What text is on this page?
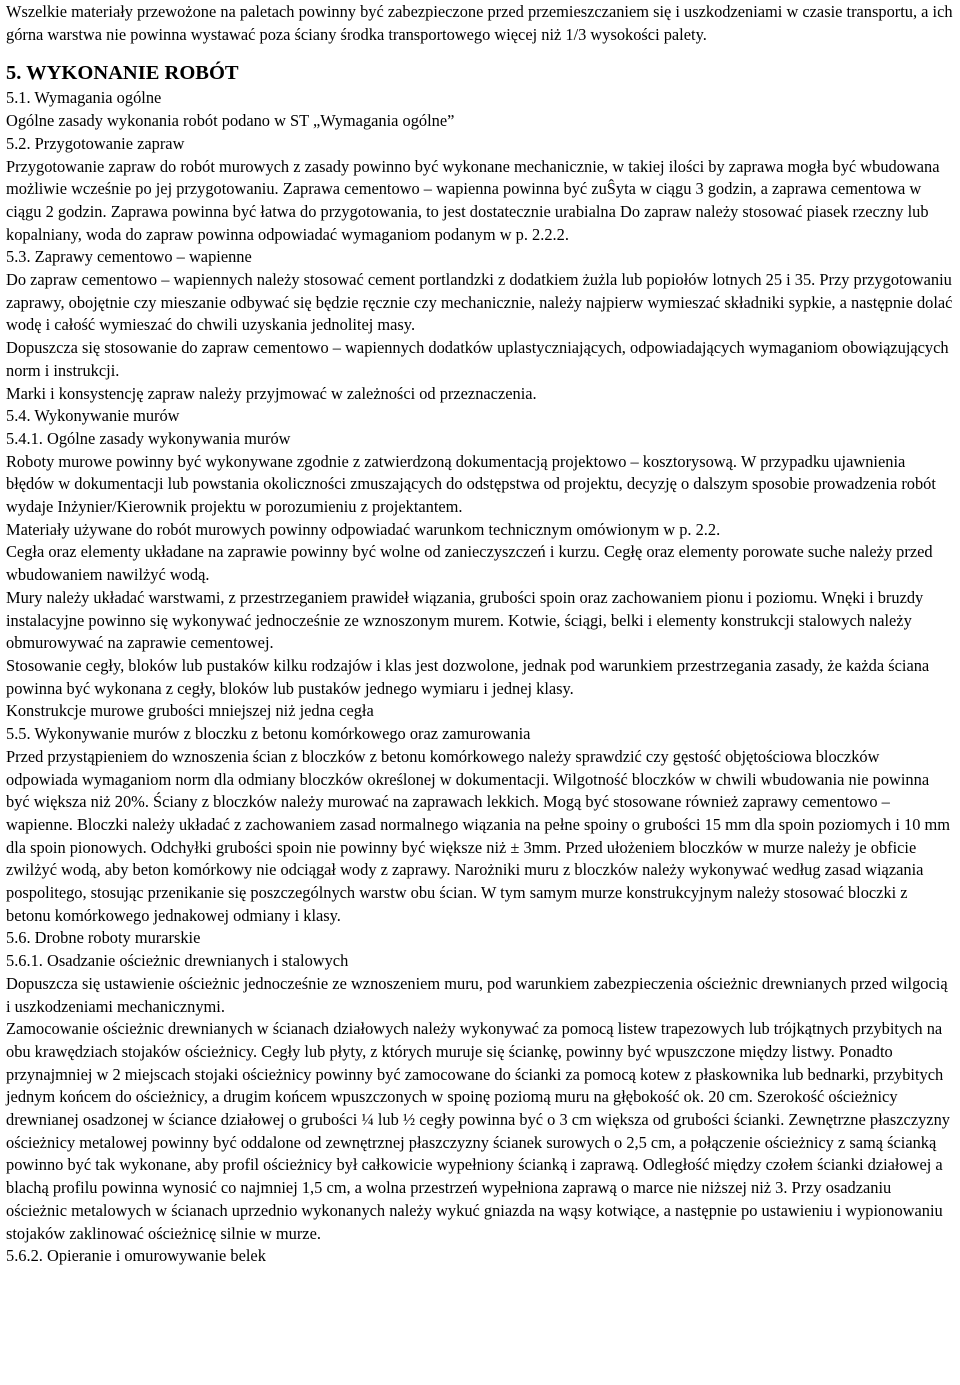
Wszelkie materiały przewożone na paletach powinny być zabezpieczone przed przemieszczaniem się i uszkodzeniami w czasie transportu, a ich górna warstwa nie powinna wystawać poza ściany środka transportowego więcej niż 1/3 wysokości palety.

5. WYKONANIE ROBÓT

5.1. Wymagania ogólne

Ogólne zasady wykonania robót podano w ST „Wymagania ogólne”

5.2. Przygotowanie zapraw

Przygotowanie zapraw do robót murowych z zasady powinno być wykonane mechanicznie, w takiej ilości by zaprawa mogła być wbudowana możliwie wcześnie po jej przygotowaniu. Zaprawa cementowo – wapienna powinna być zuŜyta w ciągu 3 godzin, a zaprawa cementowa w ciągu 2 godzin. Zaprawa powinna być łatwa do przygotowania, to jest dostatecznie urabialna Do zapraw należy stosować piasek rzeczny lub kopalniany, woda do zapraw powinna odpowiadać wymaganiom podanym w p. 2.2.2.

5.3. Zaprawy cementowo – wapienne

Do zapraw cementowo – wapiennych należy stosować cement portlandzki z dodatkiem żużla lub popiołów lotnych 25 i 35. Przy przygotowaniu zaprawy, obojętnie czy mieszanie odbywać się będzie ręcznie czy mechanicznie, należy najpierw wymieszać składniki sypkie, a następnie dolać wodę i całość wymieszać do chwili uzyskania jednolitej masy.

Dopuszcza się stosowanie do zapraw cementowo – wapiennych dodatków uplastyczniających, odpowiadających wymaganiom obowiązujących norm i instrukcji.

Marki i konsystencję zapraw należy przyjmować w zależności od przeznaczenia.

5.4. Wykonywanie murów

5.4.1. Ogólne zasady wykonywania murów

Roboty murowe powinny być wykonywane zgodnie z zatwierdzoną dokumentacją projektowo – kosztorysową. W przypadku ujawnienia błędów w dokumentacji lub powstania okoliczności zmuszających do odstępstwa od projektu, decyzję o dalszym sposobie prowadzenia robót wydaje Inżynier/Kierownik projektu w porozumieniu z projektantem.

Materiały używane do robót murowych powinny odpowiadać warunkom technicznym omówionym w p. 2.2.

Cegła oraz elementy układane na zaprawie powinny być wolne od zanieczyszczeń i kurzu. Cegłę oraz elementy porowate suche należy przed wbudowaniem nawilżyć wodą.

Mury należy układać warstwami, z przestrzeganiem prawideł wiązania, grubości spoin oraz zachowaniem pionu i poziomu. Wnęki i bruzdy instalacyjne powinno się wykonywać jednocześnie ze wznoszonym murem. Kotwie, ściągi, belki i elementy konstrukcji stalowych należy obmurowywać na zaprawie cementowej.

Stosowanie cegły, bloków lub pustaków kilku rodzajów i klas jest dozwolone, jednak pod warunkiem przestrzegania zasady, że każda ściana powinna być wykonana z cegły, bloków lub pustaków jednego wymiaru i jednej klasy.

Konstrukcje murowe grubości mniejszej niż jedna cegła

5.5. Wykonywanie murów z bloczku z betonu komórkowego oraz zamurowania

Przed przystąpieniem do wznoszenia ścian z bloczków z betonu komórkowego należy sprawdzić czy gęstość objętościowa bloczków odpowiada wymaganiom norm dla odmiany bloczków określonej w dokumentacji. Wilgotność bloczków w chwili wbudowania nie powinna być większa niż 20%. Ściany z bloczków należy murować na zaprawach lekkich. Mogą być stosowane również zaprawy cementowo – wapienne. Bloczki należy układać z zachowaniem zasad normalnego wiązania na pełne spoiny o grubości 15 mm dla spoin poziomych i 10 mm dla spoin pionowych. Odchyłki grubości spoin nie powinny być większe niż ± 3mm. Przed ułożeniem bloczków w murze należy je obficie zwilżyć wodą, aby beton komórkowy nie odciągał wody z zaprawy. Narożniki muru z bloczków należy wykonywać według zasad wiązania pospolitego, stosując przenikanie się poszczególnych warstw obu ścian. W tym samym murze konstrukcyjnym należy stosować bloczki z betonu komórkowego jednakowej odmiany i klasy.

5.6. Drobne roboty murarskie

5.6.1. Osadzanie ościeżnic drewnianych i stalowych

Dopuszcza się ustawienie ościeżnic jednocześnie ze wznoszeniem muru, pod warunkiem zabezpieczenia ościeżnic drewnianych przed wilgocią i uszkodzeniami mechanicznymi.

Zamocowanie ościeżnic drewnianych w ścianach działowych należy wykonywać za pomocą listew trapezowych lub trójkątnych przybitych na obu krawędziach stojaków ościeżnicy. Cegły lub płyty, z których muruje się ściankę, powinny być wpuszczone między listwy. Ponadto przynajmniej w 2 miejscach stojaki ościeżnicy powinny być zamocowane do ścianki za pomocą kotew z płaskownika lub bednarki, przybitych jednym końcem do ościeżnicy, a drugim końcem wpuszczonych w spoinę poziomą muru na głębokość ok. 20 cm. Szerokość ościeżnicy drewnianej osadzonej w ściance działowej o grubości ¼ lub ½ cegły powinna być o 3 cm większa od grubości ścianki. Zewnętrzne płaszczyzny ościeżnicy metalowej powinny być oddalone od zewnętrznej płaszczyzny ścianek surowych o 2,5 cm, a połączenie ościeżnicy z samą ścianką powinno być tak wykonane, aby profil ościeżnicy był całkowicie wypełniony ścianką i zaprawą. Odległość między czołem ścianki działowej a blachą profilu powinna wynosić co najmniej 1,5 cm, a wolna przestrzeń wypełniona zaprawą o marce nie niższej niż 3. Przy osadzaniu ościeżnic metalowych w ścianach uprzednio wykonanych należy wykuć gniazda na wąsy kotwiące, a następnie po ustawieniu i wypionowaniu stojaków zaklinować ościeżnicę silnie w murze.

5.6.2. Opieranie i omurowywanie belek
